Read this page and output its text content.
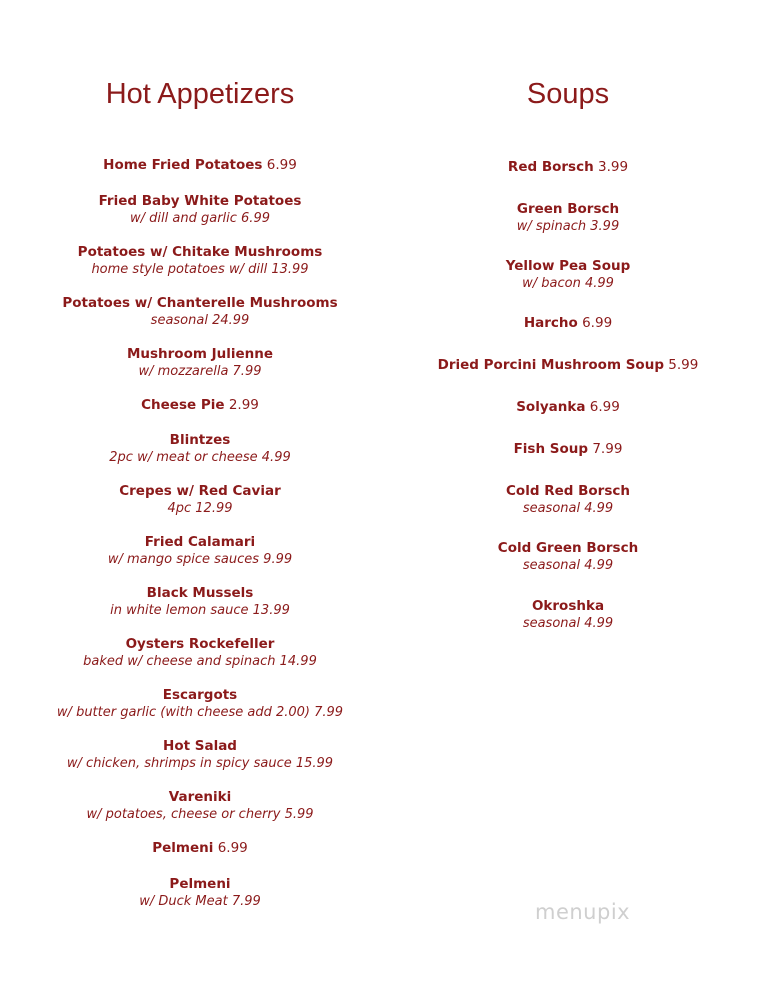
Hot Appetizers
Home Fried Potatoes 6.99
Fried Baby White Potatoes
w/ dill and garlic 6.99
Potatoes w/ Chitake Mushrooms
home style potatoes w/ dill 13.99
Potatoes w/ Chanterelle Mushrooms
seasonal 24.99
Mushroom Julienne
w/ mozzarella 7.99
Cheese Pie 2.99
Blintzes
2pc w/ meat or cheese 4.99
Crepes w/ Red Caviar
4pc 12.99
Fried Calamari
w/ mango spice sauces 9.99
Black Mussels
in white lemon sauce 13.99
Oysters Rockefeller
baked w/ cheese and spinach 14.99
Escargots
w/ butter garlic (with cheese add 2.00) 7.99
Hot Salad
w/ chicken, shrimps in spicy sauce 15.99
Vareniki
w/ potatoes, cheese or cherry 5.99
Pelmeni 6.99
Pelmeni
w/ Duck Meat 7.99
Soups
Red Borsch 3.99
Green Borsch
w/ spinach 3.99
Yellow Pea Soup
w/ bacon 4.99
Harcho 6.99
Dried Porcini Mushroom Soup 5.99
Solyanka 6.99
Fish Soup 7.99
Cold Red Borsch
seasonal 4.99
Cold Green Borsch
seasonal 4.99
Okroshka
seasonal 4.99
menupix
